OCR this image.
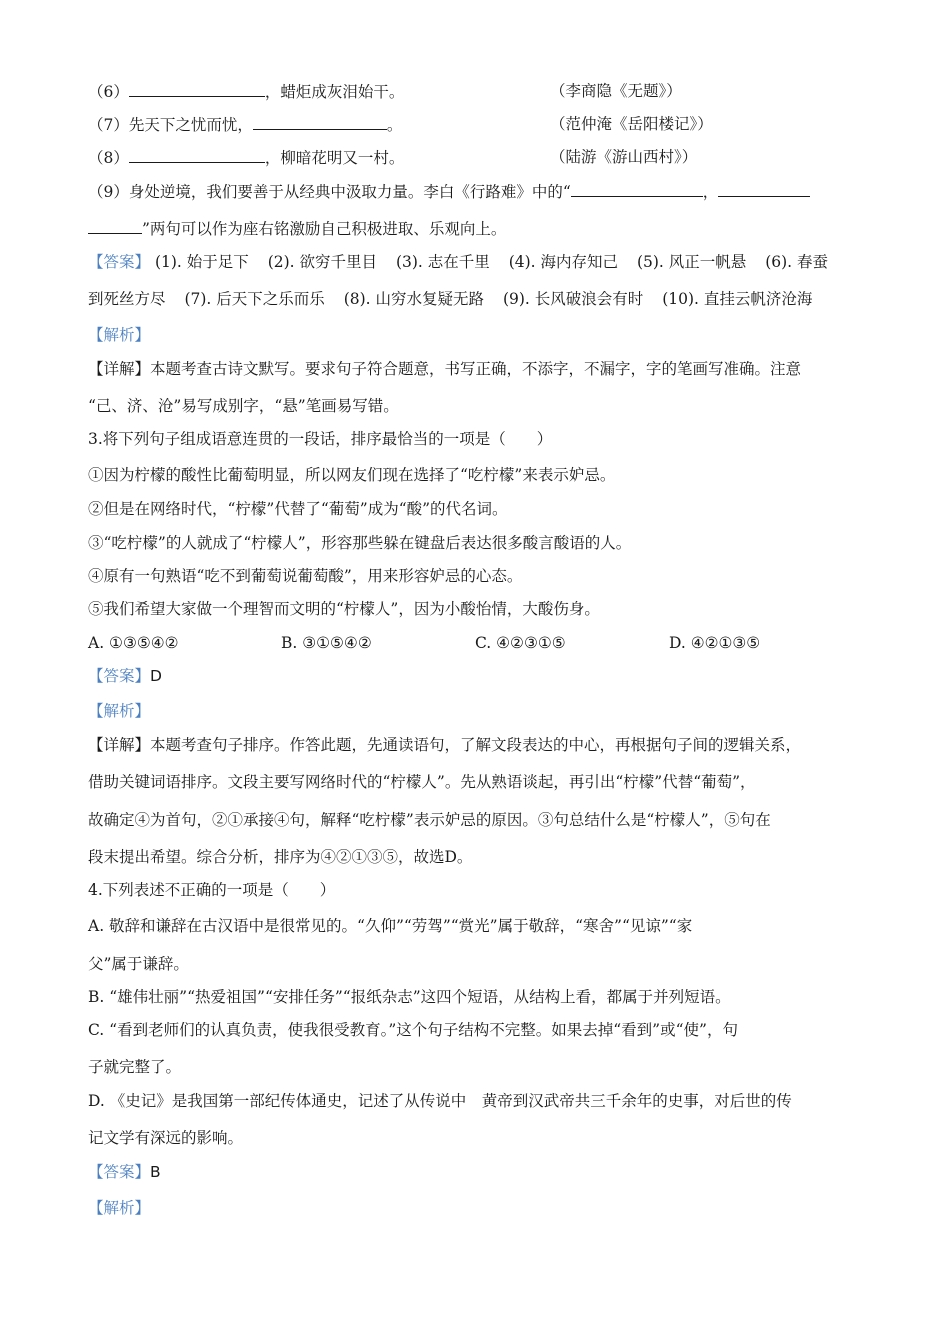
（6）	，蜡炬成灰泪始干。	（李商隐《无题》）
（7）先天下之忧而忧，	。	（范仲淹《岳阳楼记》）
（8）	，柳暗花明又一村。	（陆游《游山西村》）
（9）身处逆境，我们要善于从经典中汲取力量。李白《行路难》中的“	，
”两句可以作为座右铭激励自己积极进取、乐观向上。
【答案】 (1). 始于足下 (2). 欲穷千里目 (3). 志在千里 (4). 海内存知己 (5). 风正一帆悬 (6). 春蚕
到死丝方尽 (7). 后天下之乐而乐 (8). 山穷水复疑无路 (9). 长风破浪会有时 (10). 直挂云帆济沧海
【解析】
【详解】本题考查古诗文默写。要求句子符合题意，书写正确，不添字，不漏字，字的笔画写准确。注意
“己、济、沧”易写成别字，“悬”笔画易写错。
3.将下列句子组成语意连贯的一段话，排序最恰当的一项是（　　）
①因为柠檬的酸性比葡萄明显，所以网友们现在选择了“吃柠檬”来表示妒忌。
②但是在网络时代，“柠檬”代替了“葡萄”成为“酸”的代名词。
③“吃柠檬”的人就成了“柠檬人”，形容那些躲在键盘后表达很多酸言酸语的人。
④原有一句熟语“吃不到葡萄说葡萄酸”，用来形容妒忌的心态。
⑤我们希望大家做一个理智而文明的“柠檬人”，因为小酸怡情，大酸伤身。
A. ①③⑤④②	B. ③①⑤④②	C. ④②③①⑤	D. ④②①③⑤
【答案】D
【解析】
【详解】本题考查句子排序。作答此题，先通读语句，了解文段表达的中心，再根据句子间的逻辑关系，
借助关键词语排序。文段主要写网络时代的“柠檬人”。先从熟语谈起，再引出“柠檬”代替“葡萄”，
故确定④为首句，②①承接④句，解释“吃柠檬”表示妒忌的原因。③句总结什么是“柠檬人”，⑤句在
段末提出希望。综合分析，排序为④②①③⑤，故选D。
4.下列表述不正确的一项是（　　）
A. 敬辞和谦辞在古汉语中是很常见的。“久仰”“劳驾”“赏光”属于敬辞，“寒舍”“见谅”“家
父”属于谦辞。
B. “雄伟壮丽”“热爱祖国”“安排任务”“报纸杂志”这四个短语，从结构上看，都属于并列短语。
C. “看到老师们的认真负责，使我很受教育。”这个句子结构不完整。如果去掉“看到”或“使”，句
子就完整了。
D. 《史记》是我国第一部纪传体通史，记述了从传说中　黄帝到汉武帝共三千余年的史事，对后世的传
记文学有深远的影响。
【答案】B
【解析】
